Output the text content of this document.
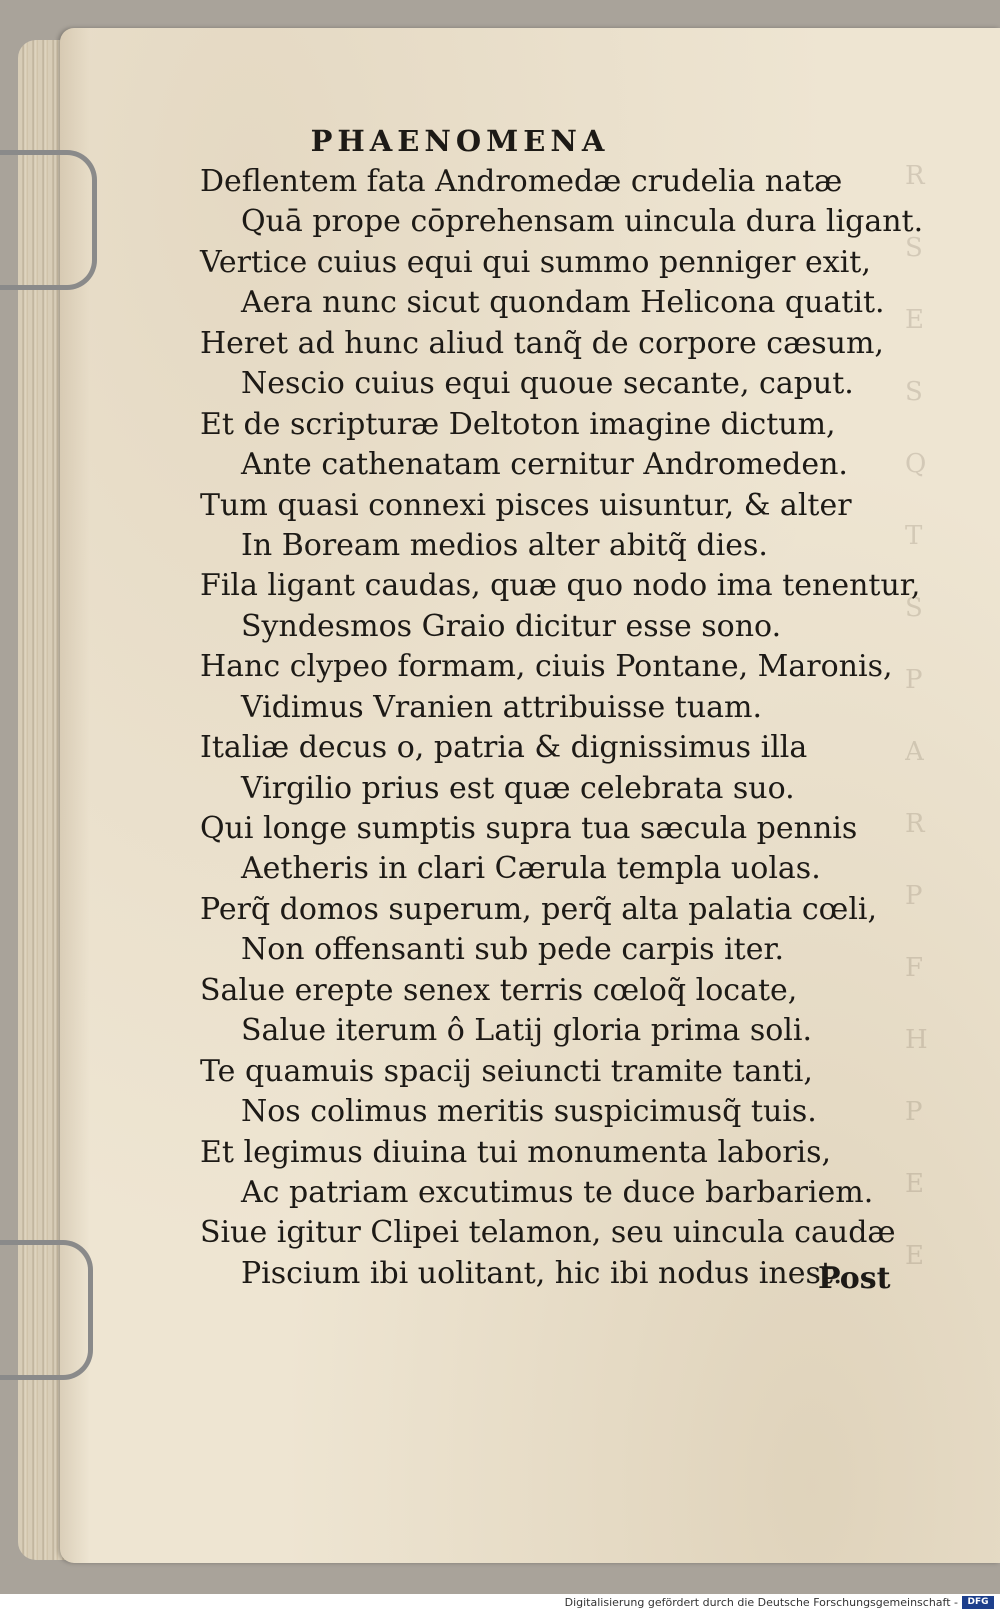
R
S
E
S
Q
T
S
P
A
R
P
F
H
P
E
E
PHAENOMENA
Deflentem fata Andromedæ crudelia natæ
Quā prope cōprehensam uincula dura ligant.
Vertice cuius equi qui summo penniger exit,
Aera nunc sicut quondam Helicona quatit.
Heret ad hunc aliud tanq̃ de corpore cæsum,
Nescio cuius equi quoue secante, caput.
Et de scripturæ Deltoton imagine dictum,
Ante cathenatam cernitur Andromeden.
Tum quasi connexi pisces uisuntur, & alter
In Boream medios alter abitq̃ dies.
Fila ligant caudas, quæ quo nodo ima tenentur,
Syndesmos Graio dicitur esse sono.
Hanc clypeo formam, ciuis Pontane, Maronis,
Vidimus Vranien attribuisse tuam.
Italiæ decus o, patria & dignissimus illa
Virgilio prius est quæ celebrata suo.
Qui longe sumptis supra tua sæcula pennis
Aetheris in clari Cærula templa uolas.
Perq̃ domos superum, perq̃ alta palatia cœli,
Non offensanti sub pede carpis iter.
Salue erepte senex terris cœloq̃ locate,
Salue iterum ô Latij gloria prima soli.
Te quamuis spacij seiuncti tramite tanti,
Nos colimus meritis suspicimusq̃ tuis.
Et legimus diuina tui monumenta laboris,
Ac patriam excutimus te duce barbariem.
Siue igitur Clipei telamon, seu uincula caudæ
Piscium ibi uolitant, hic ibi nodus inest.
Post
Digitalisierung gefördert durch die Deutsche Forschungsgemeinschaft -	DFG
